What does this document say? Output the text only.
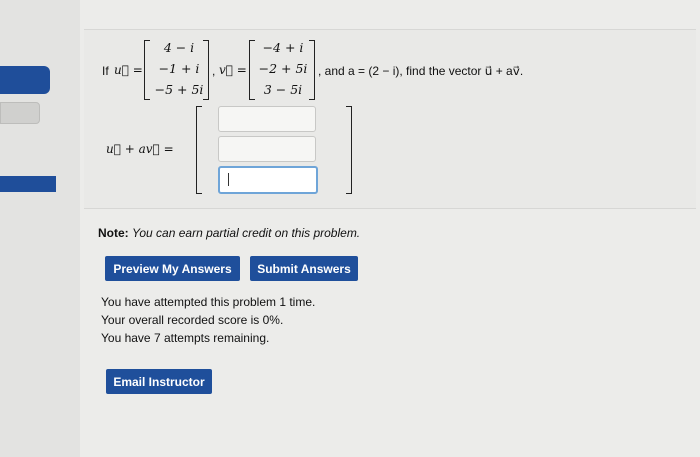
If u⃗ =
4 − i
−1 + i
−5 + 5i
, v⃗ =
−4 + i
−2 + 5i
3 − 5i
, and a = (2 − i), find the vector u⃗ + av⃗.
u⃗ + av⃗ =
Note: You can earn partial credit on this problem.
Preview My Answers	Submit Answers
You have attempted this problem 1 time.
Your overall recorded score is 0%.
You have 7 attempts remaining.
Email Instructor
